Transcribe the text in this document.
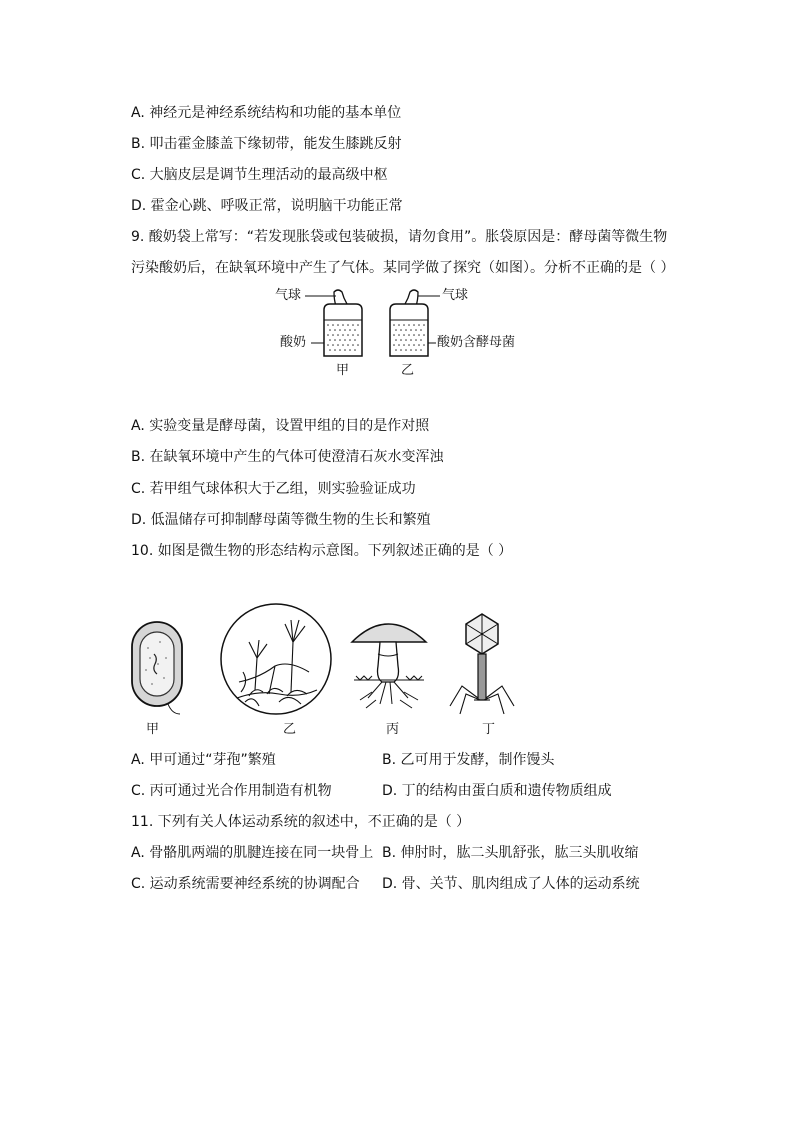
A. 神经元是神经系统结构和功能的基本单位
B. 叩击霍金膝盖下缘韧带，能发生膝跳反射
C. 大脑皮层是调节生理活动的最高级中枢
D. 霍金心跳、呼吸正常，说明脑干功能正常
9. 酸奶袋上常写：“若发现胀袋或包装破损，请勿食用”。胀袋原因是：酵母菌等微生物
污染酸奶后，在缺氧环境中产生了气体。某同学做了探究（如图）。分析不正确的是（ ）
气球	气球
酸奶	酸奶含酵母菌
甲	乙
A. 实验变量是酵母菌，设置甲组的目的是作对照
B. 在缺氧环境中产生的气体可使澄清石灰水变浑浊
C. 若甲组气球体积大于乙组，则实验验证成功
D. 低温储存可抑制酵母菌等微生物的生长和繁殖
10. 如图是微生物的形态结构示意图。下列叙述正确的是（ ）
甲	乙	丙	丁
A. 甲可通过“芽孢”繁殖	B. 乙可用于发酵，制作馒头
C. 丙可通过光合作用制造有机物	D. 丁的结构由蛋白质和遗传物质组成
11. 下列有关人体运动系统的叙述中，不正确的是（ ）
A. 骨骼肌两端的肌腱连接在同一块骨上 B. 伸肘时，肱二头肌舒张，肱三头肌收缩
C. 运动系统需要神经系统的协调配合 D. 骨、关节、肌肉组成了人体的运动系统
